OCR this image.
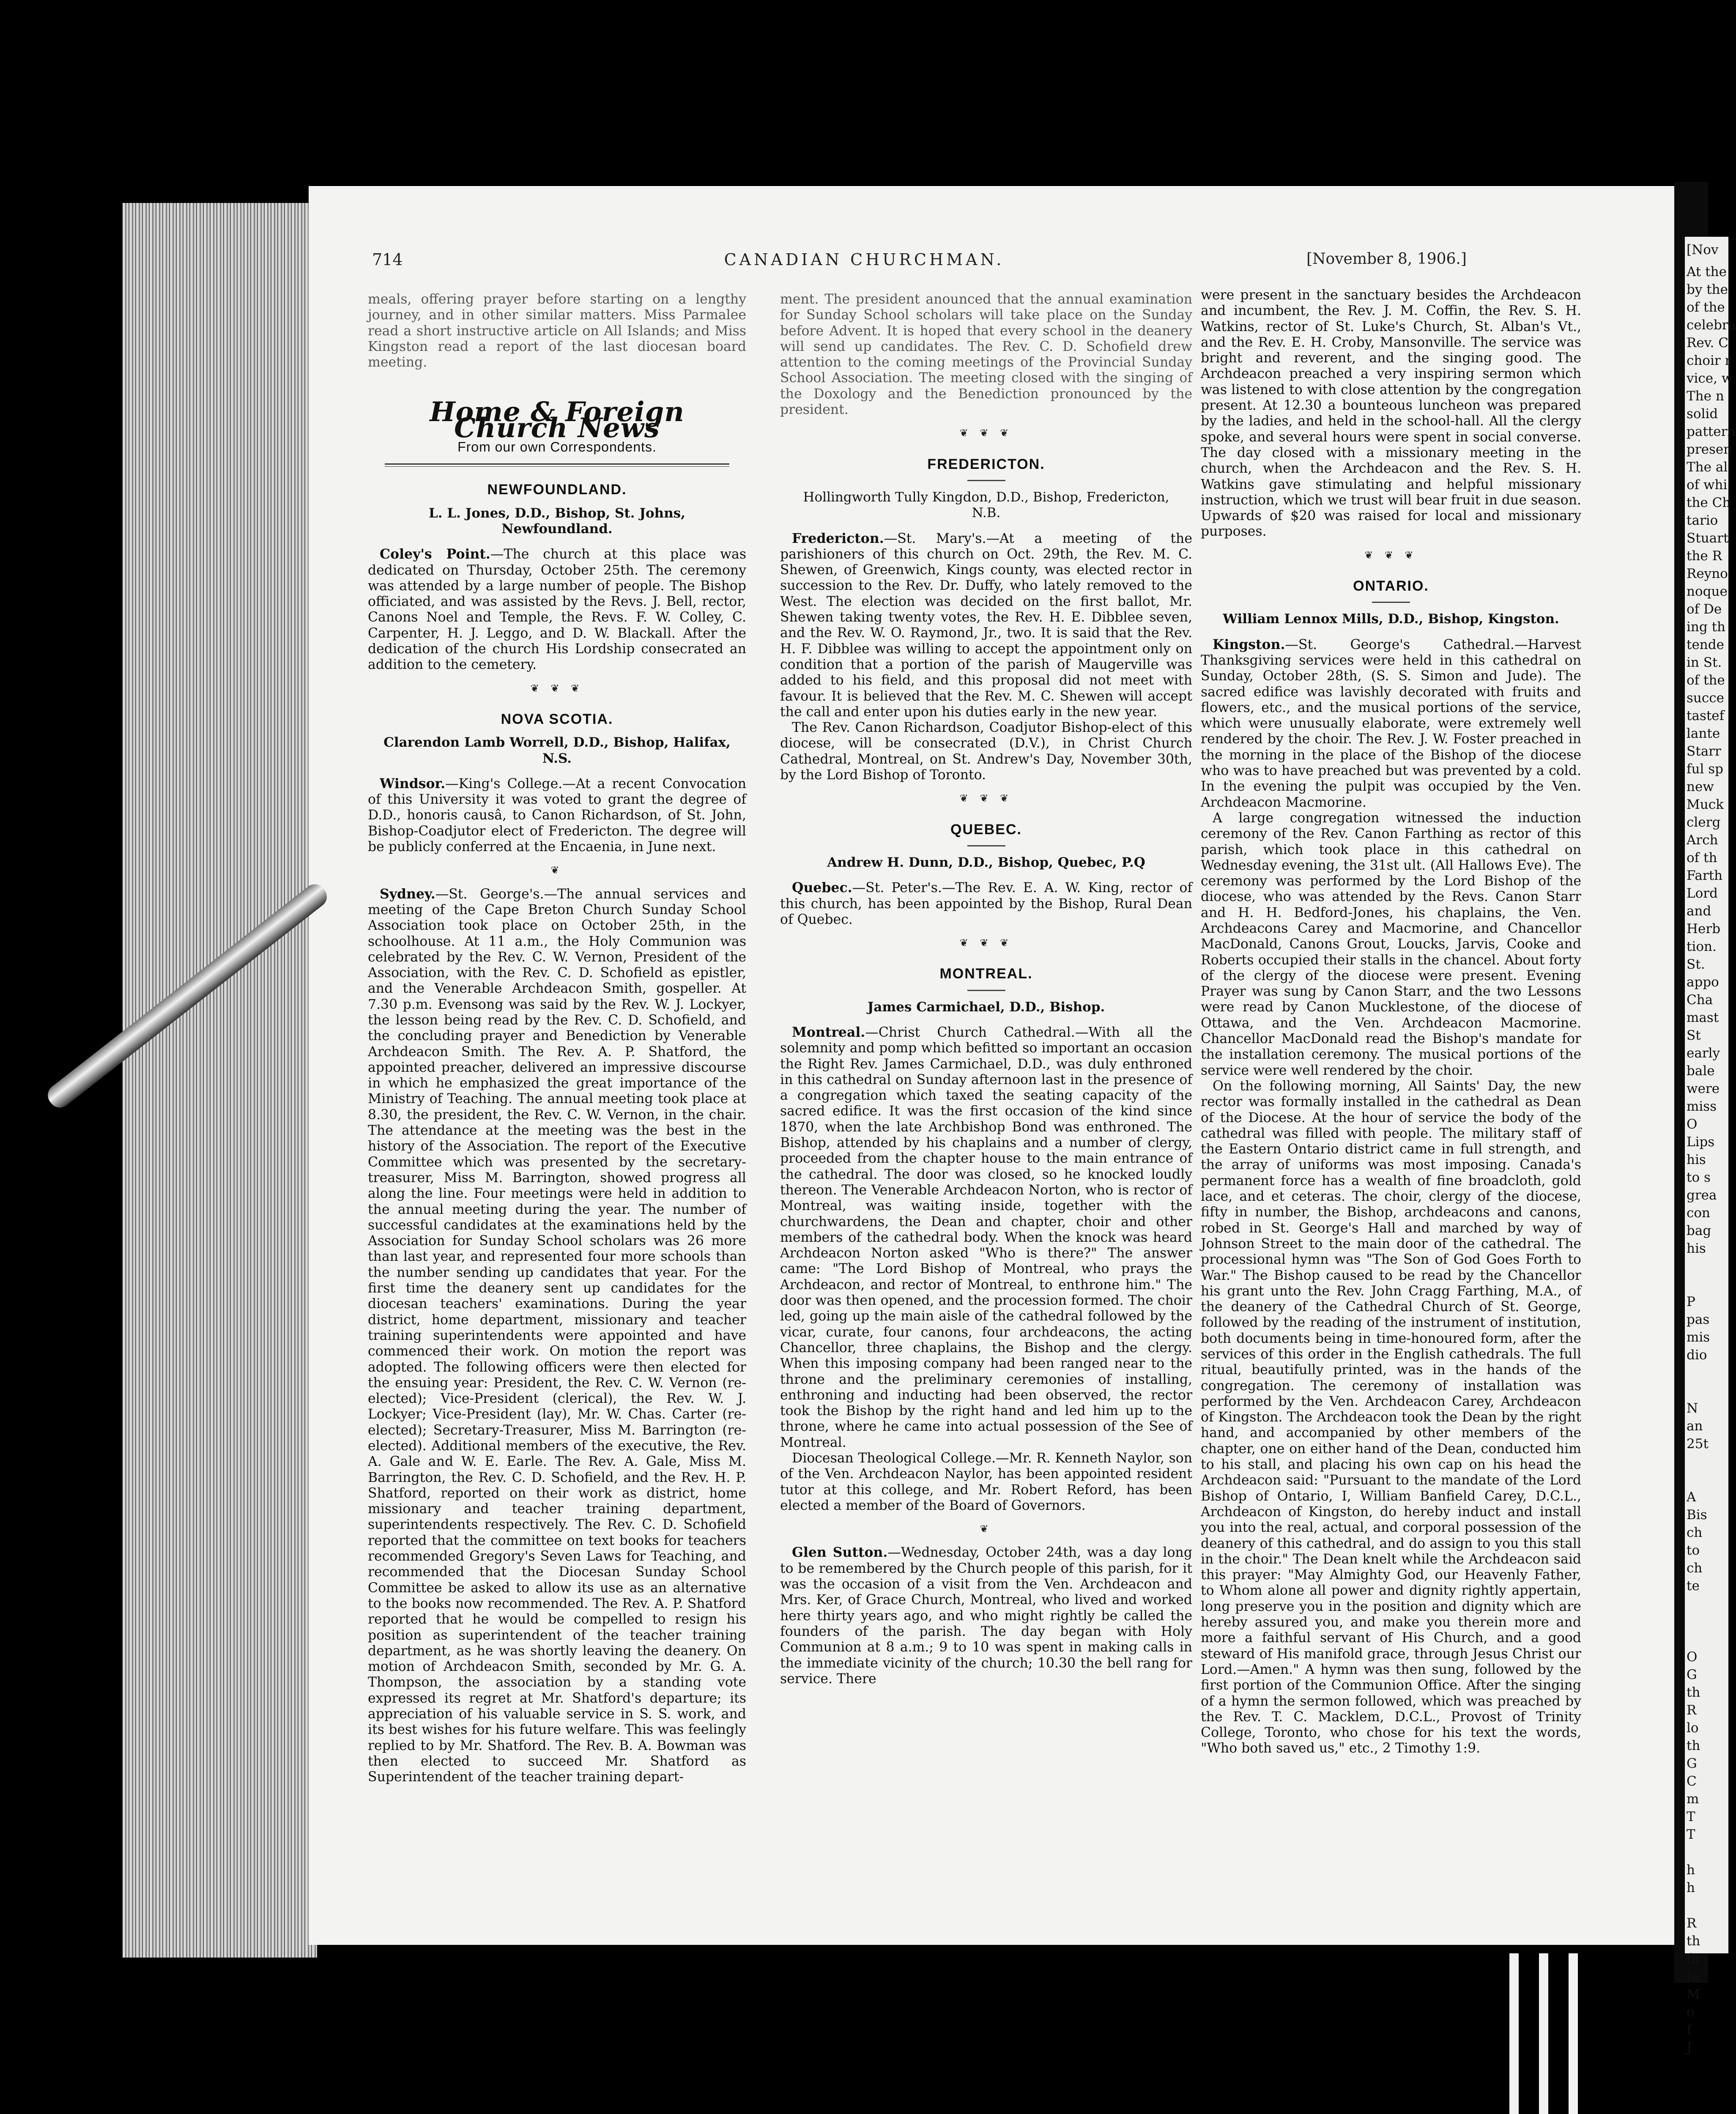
[Nov
At the
by the
of the
celebra
Rev. C
choir r
vice, w
The n
solid
pattern
presen
The al
of whi
the Ch
tario
Stuart
the R
Reyno
noque
of De
ing th
tende
in St.
of the
succe
tastef
lante
Starr
ful sp
new
Muck
clerg
Arch
of th
Farth
Lord
and
Herb
tion.
St.
appo
Cha
mast
St
early
bale
were
miss
O
Lips
his
to s
grea
con
bag
his

P
pas
mis
dio

N
an
25t

A
Bis
ch
to
ch
te

O
G
th
R
lo
th
G
C
m
T
T

h
h

R
th
fa
ta
M
o
f
J
714	CANADIAN CHURCHMAN.	[November 8, 1906.]

meals, offering prayer before starting on a lengthy journey, and in other similar matters. Miss Parmalee read a short instructive article on All Islands; and Miss Kingston read a report of the last diocesan board meeting.

Home & Foreign Church News
From our own Correspondents.
NEWFOUNDLAND.
L. L. Jones, D.D., Bishop, St. Johns, Newfoundland.

Coley's Point.—The church at this place was dedicated on Thursday, October 25th. The ceremony was attended by a large number of people. The Bishop officiated, and was assisted by the Revs. J. Bell, rector, Canons Noel and Temple, the Revs. F. W. Colley, C. Carpenter, H. J. Leggo, and D. W. Blackall. After the dedication of the church His Lordship consecrated an addition to the cemetery.

❦ ❦ ❦
NOVA SCOTIA.
Clarendon Lamb Worrell, D.D., Bishop, Halifax, N.S.

Windsor.—King's College.—At a recent Convocation of this University it was voted to grant the degree of D.D., honoris causâ, to Canon Richardson, of St. John, Bishop-Coadjutor elect of Fredericton. The degree will be publicly conferred at the Encaenia, in June next.

❦

Sydney.—St. George's.—The annual services and meeting of the Cape Breton Church Sunday School Association took place on October 25th, in the schoolhouse. At 11 a.m., the Holy Communion was celebrated by the Rev. C. W. Vernon, President of the Association, with the Rev. C. D. Schofield as epistler, and the Venerable Archdeacon Smith, gospeller. At 7.30 p.m. Evensong was said by the Rev. W. J. Lockyer, the lesson being read by the Rev. C. D. Schofield, and the concluding prayer and Benediction by Venerable Archdeacon Smith. The Rev. A. P. Shatford, the appointed preacher, delivered an impressive discourse in which he emphasized the great importance of the Ministry of Teaching. The annual meeting took place at 8.30, the president, the Rev. C. W. Vernon, in the chair. The attendance at the meeting was the best in the history of the Association. The report of the Executive Committee which was presented by the secretary-treasurer, Miss M. Barrington, showed progress all along the line. Four meetings were held in addition to the annual meeting during the year. The number of successful candidates at the examinations held by the Association for Sunday School scholars was 26 more than last year, and represented four more schools than the number sending up candidates that year. For the first time the deanery sent up candidates for the diocesan teachers' examinations. During the year district, home department, missionary and teacher training superintendents were appointed and have commenced their work. On motion the report was adopted. The following officers were then elected for the ensuing year: President, the Rev. C. W. Vernon (re-elected); Vice-President (clerical), the Rev. W. J. Lockyer; Vice-President (lay), Mr. W. Chas. Carter (re-elected); Secretary-Treasurer, Miss M. Barrington (re-elected). Additional members of the executive, the Rev. A. Gale and W. E. Earle. The Rev. A. Gale, Miss M. Barrington, the Rev. C. D. Schofield, and the Rev. H. P. Shatford, reported on their work as district, home missionary and teacher training department, superintendents respectively. The Rev. C. D. Schofield reported that the committee on text books for teachers recommended Gregory's Seven Laws for Teaching, and recommended that the Diocesan Sunday School Committee be asked to allow its use as an alternative to the books now recommended. The Rev. A. P. Shatford reported that he would be compelled to resign his position as superintendent of the teacher training department, as he was shortly leaving the deanery. On motion of Archdeacon Smith, seconded by Mr. G. A. Thompson, the association by a standing vote expressed its regret at Mr. Shatford's departure; its appreciation of his valuable service in S. S. work, and its best wishes for his future welfare. This was feelingly replied to by Mr. Shatford. The Rev. B. A. Bowman was then elected to succeed Mr. Shatford as Superintendent of the teacher training depart-

ment. The president anounced that the annual examination for Sunday School scholars will take place on the Sunday before Advent. It is hoped that every school in the deanery will send up candidates. The Rev. C. D. Schofield drew attention to the coming meetings of the Provincial Sunday School Association. The meeting closed with the singing of the Doxology and the Benediction pronounced by the president.

❦ ❦ ❦
FREDERICTON.
Hollingworth Tully Kingdon, D.D., Bishop, Fredericton, N.B.

Fredericton.—St. Mary's.—At a meeting of the parishioners of this church on Oct. 29th, the Rev. M. C. Shewen, of Greenwich, Kings county, was elected rector in succession to the Rev. Dr. Duffy, who lately removed to the West. The election was decided on the first ballot, Mr. Shewen taking twenty votes, the Rev. H. E. Dibblee seven, and the Rev. W. O. Raymond, Jr., two. It is said that the Rev. H. F. Dibblee was willing to accept the appointment only on condition that a portion of the parish of Maugerville was added to his field, and this proposal did not meet with favour. It is believed that the Rev. M. C. Shewen will accept the call and enter upon his duties early in the new year.

The Rev. Canon Richardson, Coadjutor Bishop-elect of this diocese, will be consecrated (D.V.), in Christ Church Cathedral, Montreal, on St. Andrew's Day, November 30th, by the Lord Bishop of Toronto.

❦ ❦ ❦
QUEBEC.
Andrew H. Dunn, D.D., Bishop, Quebec, P.Q

Quebec.—St. Peter's.—The Rev. E. A. W. King, rector of this church, has been appointed by the Bishop, Rural Dean of Quebec.

❦ ❦ ❦
MONTREAL.
James Carmichael, D.D., Bishop.

Montreal.—Christ Church Cathedral.—With all the solemnity and pomp which befitted so important an occasion the Right Rev. James Carmichael, D.D., was duly enthroned in this cathedral on Sunday afternoon last in the presence of a congregation which taxed the seating capacity of the sacred edifice. It was the first occasion of the kind since 1870, when the late Archbishop Bond was enthroned. The Bishop, attended by his chaplains and a number of clergy, proceeded from the chapter house to the main entrance of the cathedral. The door was closed, so he knocked loudly thereon. The Venerable Archdeacon Norton, who is rector of Montreal, was waiting inside, together with the churchwardens, the Dean and chapter, choir and other members of the cathedral body. When the knock was heard Archdeacon Norton asked "Who is there?" The answer came: "The Lord Bishop of Montreal, who prays the Archdeacon, and rector of Montreal, to enthrone him." The door was then opened, and the procession formed. The choir led, going up the main aisle of the cathedral followed by the vicar, curate, four canons, four archdeacons, the acting Chancellor, three chaplains, the Bishop and the clergy. When this imposing company had been ranged near to the throne and the preliminary ceremonies of installing, enthroning and inducting had been observed, the rector took the Bishop by the right hand and led him up to the throne, where he came into actual possession of the See of Montreal.

Diocesan Theological College.—Mr. R. Kenneth Naylor, son of the Ven. Archdeacon Naylor, has been appointed resident tutor at this college, and Mr. Robert Reford, has been elected a member of the Board of Governors.

❦

Glen Sutton.—Wednesday, October 24th, was a day long to be remembered by the Church people of this parish, for it was the occasion of a visit from the Ven. Archdeacon and Mrs. Ker, of Grace Church, Montreal, who lived and worked here thirty years ago, and who might rightly be called the founders of the parish. The day began with Holy Communion at 8 a.m.; 9 to 10 was spent in making calls in the immediate vicinity of the church; 10.30 the bell rang for service. There

were present in the sanctuary besides the Archdeacon and incumbent, the Rev. J. M. Coffin, the Rev. S. H. Watkins, rector of St. Luke's Church, St. Alban's Vt., and the Rev. E. H. Croby, Mansonville. The service was bright and reverent, and the singing good. The Archdeacon preached a very inspiring sermon which was listened to with close attention by the congregation present. At 12.30 a bounteous luncheon was prepared by the ladies, and held in the school-hall. All the clergy spoke, and several hours were spent in social converse. The day closed with a missionary meeting in the church, when the Archdeacon and the Rev. S. H. Watkins gave stimulating and helpful missionary instruction, which we trust will bear fruit in due season. Upwards of $20 was raised for local and missionary purposes.

❦ ❦ ❦
ONTARIO.
William Lennox Mills, D.D., Bishop, Kingston.

Kingston.—St. George's Cathedral.—Harvest Thanksgiving services were held in this cathedral on Sunday, October 28th, (S. S. Simon and Jude). The sacred edifice was lavishly decorated with fruits and flowers, etc., and the musical portions of the service, which were unusually elaborate, were extremely well rendered by the choir. The Rev. J. W. Foster preached in the morning in the place of the Bishop of the diocese who was to have preached but was prevented by a cold. In the evening the pulpit was occupied by the Ven. Archdeacon Macmorine.

A large congregation witnessed the induction ceremony of the Rev. Canon Farthing as rector of this parish, which took place in this cathedral on Wednesday evening, the 31st ult. (All Hallows Eve). The ceremony was performed by the Lord Bishop of the diocese, who was attended by the Revs. Canon Starr and H. H. Bedford-Jones, his chaplains, the Ven. Archdeacons Carey and Macmorine, and Chancellor MacDonald, Canons Grout, Loucks, Jarvis, Cooke and Roberts occupied their stalls in the chancel. About forty of the clergy of the diocese were present. Evening Prayer was sung by Canon Starr, and the two Lessons were read by Canon Mucklestone, of the diocese of Ottawa, and the Ven. Archdeacon Macmorine. Chancellor MacDonald read the Bishop's mandate for the installation ceremony. The musical portions of the service were well rendered by the choir.

On the following morning, All Saints' Day, the new rector was formally installed in the cathedral as Dean of the Diocese. At the hour of service the body of the cathedral was filled with people. The military staff of the Eastern Ontario district came in full strength, and the array of uniforms was most imposing. Canada's permanent force has a wealth of fine broadcloth, gold lace, and et ceteras. The choir, clergy of the diocese, fifty in number, the Bishop, archdeacons and canons, robed in St. George's Hall and marched by way of Johnson Street to the main door of the cathedral. The processional hymn was "The Son of God Goes Forth to War." The Bishop caused to be read by the Chancellor his grant unto the Rev. John Cragg Farthing, M.A., of the deanery of the Cathedral Church of St. George, followed by the reading of the instrument of institution, both documents being in time-honoured form, after the services of this order in the English cathedrals. The full ritual, beautifully printed, was in the hands of the congregation. The ceremony of installation was performed by the Ven. Archdeacon Carey, Archdeacon of Kingston. The Archdeacon took the Dean by the right hand, and accompanied by other members of the chapter, one on either hand of the Dean, conducted him to his stall, and placing his own cap on his head the Archdeacon said: "Pursuant to the mandate of the Lord Bishop of Ontario, I, William Banfield Carey, D.C.L., Archdeacon of Kingston, do hereby induct and install you into the real, actual, and corporal possession of the deanery of this cathedral, and do assign to you this stall in the choir." The Dean knelt while the Archdeacon said this prayer: "May Almighty God, our Heavenly Father, to Whom alone all power and dignity rightly appertain, long preserve you in the position and dignity which are hereby assured you, and make you therein more and more a faithful servant of His Church, and a good steward of His manifold grace, through Jesus Christ our Lord.—Amen." A hymn was then sung, followed by the first portion of the Communion Office. After the singing of a hymn the sermon followed, which was preached by the Rev. T. C. Macklem, D.C.L., Provost of Trinity College, Toronto, who chose for his text the words, "Who both saved us," etc., 2 Timothy 1:9.
